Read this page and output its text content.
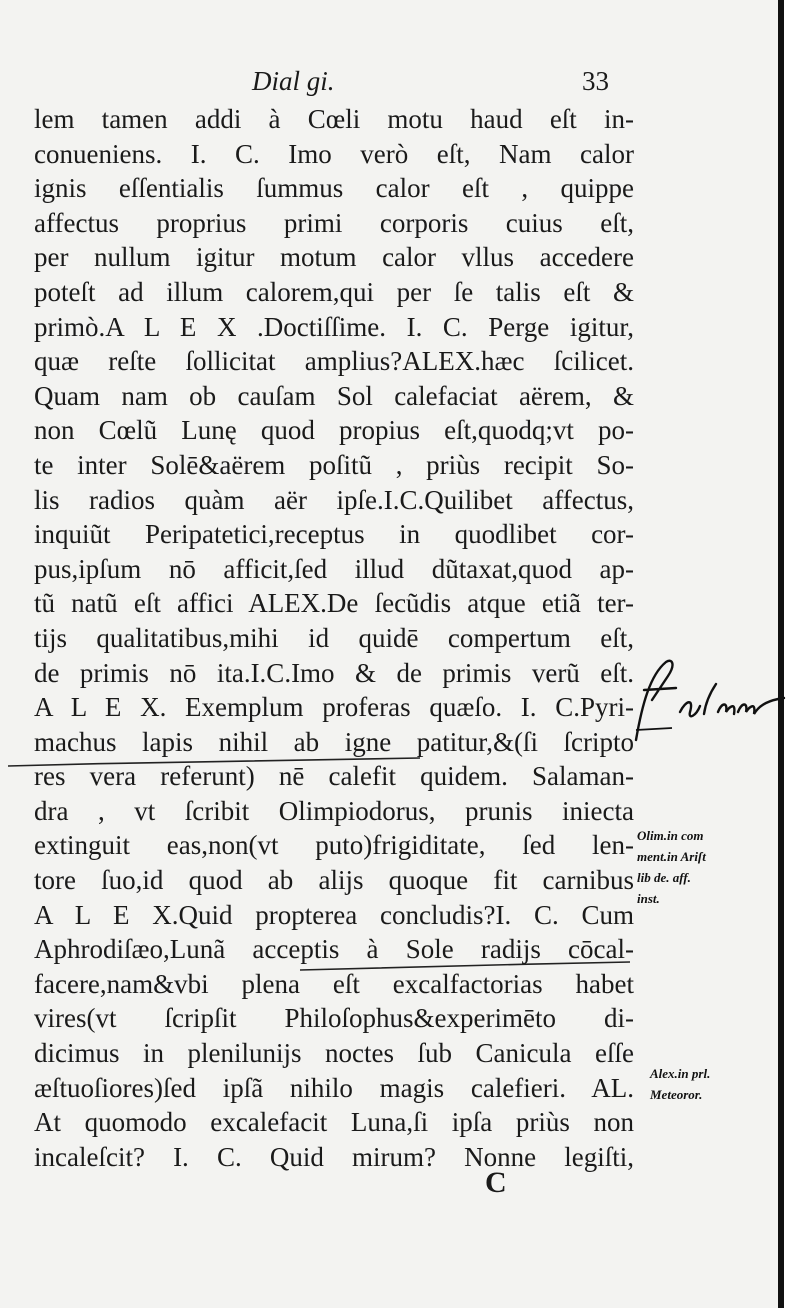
Dial gi.	33
lem tamen addi à Cœli motu haud eſt in-
conueniens. I. C. Imo verò eſt, Nam calor
ignis eſſentialis ſummus calor eſt , quippe
affectus proprius primi corporis cuius eſt,
per nullum igitur motum calor vllus accedere
poteſt ad illum calorem,qui per ſe talis eſt &
primò.A L E X .Doctiſſime. I. C. Perge igitur,
quæ reſte ſollicitat amplius?ALEX.hæc ſcilicet.
Quam nam ob cauſam Sol calefaciat aërem, &
non Cœlũ Lunę quod propius eſt,quodq;vt po-
te inter Solē&aërem poſitũ , priùs recipit So-
lis radios quàm aër ipſe.I.C.Quilibet affectus,
inquiũt Peripatetici,receptus in quodlibet cor-
pus,ipſum nō afficit,ſed illud dũtaxat,quod ap-
tũ natũ eſt affici ALEX.De ſecũdis atque etiã ter-
tijs qualitatibus,mihi id quidē compertum eſt,
de primis nō ita.I.C.Imo & de primis verũ eſt.
A L E X. Exemplum proferas quæſo. I. C.Pyri-
machus lapis nihil ab igne patitur,&(ſi ſcripto
res vera referunt) nē calefit quidem. Salaman-
dra , vt ſcribit Olimpiodorus, prunis iniecta
extinguit eas,non(vt puto)frigiditate, ſed len-
tore ſuo,id quod ab alijs quoque fit carnibus
A L E X.Quid propterea concludis?I. C. Cum
Aphrodiſæo,Lunã acceptis à Sole radijs cōcal-
facere,nam&vbi plena eſt excalfactorias habet
vires(vt ſcripſit Philoſophus&experimēto di-
dicimus in plenilunijs noctes ſub Canicula eſſe
æſtuoſiores)ſed ipſã nihilo magis calefieri. AL.
At quomodo excalefacit Luna,ſi ipſa priùs non
incaleſcit? I. C. Quid mirum? Nonne legiſti,
C
Olim.in com
ment.in Ariſt
lib de. aff.
inst.
Alex.in prl.
Meteoror.
